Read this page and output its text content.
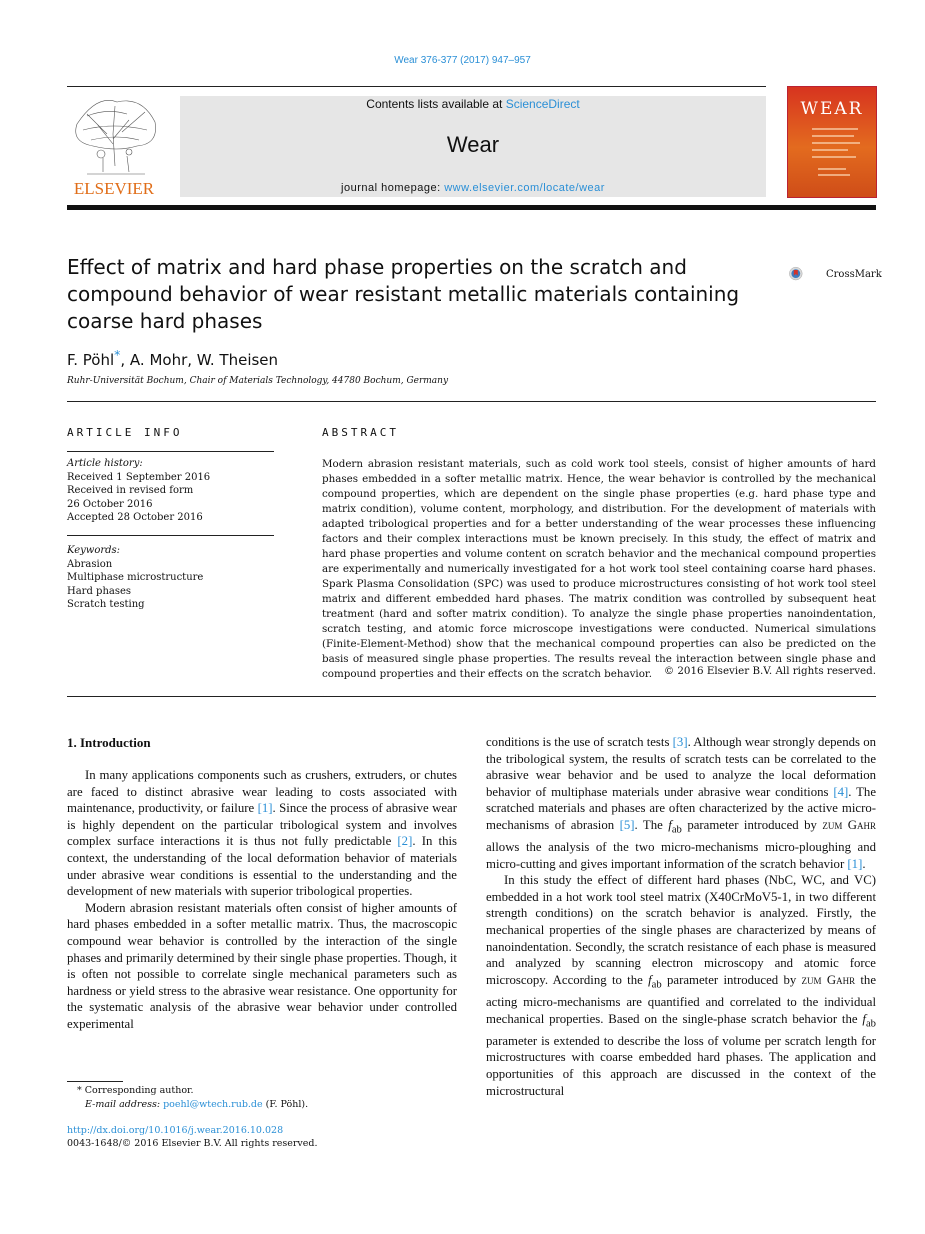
Wear 376-377 (2017) 947–957
ELSEVIER
Contents lists available at ScienceDirect
Wear
journal homepage: www.elsevier.com/locate/wear
WEAR
Effect of matrix and hard phase properties on the scratch and compound behavior of wear resistant metallic materials containing coarse hard phases
CrossMark
F. Pöhl*, A. Mohr, W. Theisen
Ruhr-Universität Bochum, Chair of Materials Technology, 44780 Bochum, Germany
ARTICLE INFO
Article history:
Received 1 September 2016
Received in revised form
26 October 2016
Accepted 28 October 2016
Keywords:
Abrasion
Multiphase microstructure
Hard phases
Scratch testing
ABSTRACT
Modern abrasion resistant materials, such as cold work tool steels, consist of higher amounts of hard phases embedded in a softer metallic matrix. Hence, the wear behavior is controlled by the mechanical compound properties, which are dependent on the single phase properties (e.g. hard phase type and matrix condition), volume content, morphology, and distribution. For the development of materials with adapted tribological properties and for a better understanding of the wear processes these influencing factors and their complex interactions must be known precisely. In this study, the effect of matrix and hard phase properties and volume content on scratch behavior and the mechanical compound properties are experimentally and numerically investigated for a hot work tool steel containing coarse hard phases. Spark Plasma Consolidation (SPC) was used to produce microstructures consisting of hot work tool steel matrix and different embedded hard phases. The matrix condition was controlled by subsequent heat treatment (hard and softer matrix condition). To analyze the single phase properties nanoindentation, scratch testing, and atomic force microscope investigations were conducted. Numerical simulations (Finite-Element-Method) show that the mechanical compound properties can also be predicted on the basis of measured single phase properties. The results reveal the interaction between single phase and compound properties and their effects on the scratch behavior.	© 2016 Elsevier B.V. All rights reserved.
1. Introduction

In many applications components such as crushers, extruders, or chutes are faced to distinct abrasive wear leading to costs associated with maintenance, productivity, or failure [1]. Since the process of abrasive wear is highly dependent on the particular tribological system and involves complex surface interactions it is thus not fully predictable [2]. In this context, the understanding of the local deformation behavior of materials under abrasive wear conditions is essential to the understanding and the development of new materials with superior tribological properties.

Modern abrasion resistant materials often consist of higher amounts of hard phases embedded in a softer metallic matrix. Thus, the macroscopic compound wear behavior is controlled by the interaction of the single phases and primarily determined by their single phase properties. Though, it is often not possible to correlate single mechanical parameters such as hardness or yield stress to the abrasive wear resistance. One opportunity for the systematic analysis of the abrasive wear behavior under controlled experimental

conditions is the use of scratch tests [3]. Although wear strongly depends on the tribological system, the results of scratch tests can be correlated to the abrasive wear behavior and be used to analyze the local deformation behavior of multiphase materials under abrasive wear conditions [4]. The scratched materials and phases are often characterized by the active micro-mechanisms of abrasion [5]. The $f_{ab}$ parameter introduced by zum Gahr allows the analysis of the two micro-mechanisms micro-ploughing and micro-cutting and gives important information of the scratch behavior [1].

In this study the effect of different hard phases (NbC, WC, and VC) embedded in a hot work tool steel matrix (X40CrMoV5-1, in two different strength conditions) on the scratch behavior is analyzed. Firstly, the mechanical properties of the single phases are characterized by means of nanoindentation. Secondly, the scratch resistance of each phase is measured and analyzed by scanning electron microscopy and atomic force microscopy. According to the $f_{ab}$ parameter introduced by zum Gahr the acting micro-mechanisms are quantified and correlated to the individual mechanical properties. Based on the single-phase scratch behavior the $f_{ab}$ parameter is extended to describe the loss of volume per scratch length for microstructures with coarse embedded hard phases. The application and opportunities of this approach are discussed in the context of the microstructural

* Corresponding author.
E-mail address: poehl@wtech.rub.de (F. Pöhl).
http://dx.doi.org/10.1016/j.wear.2016.10.028
0043-1648/© 2016 Elsevier B.V. All rights reserved.
